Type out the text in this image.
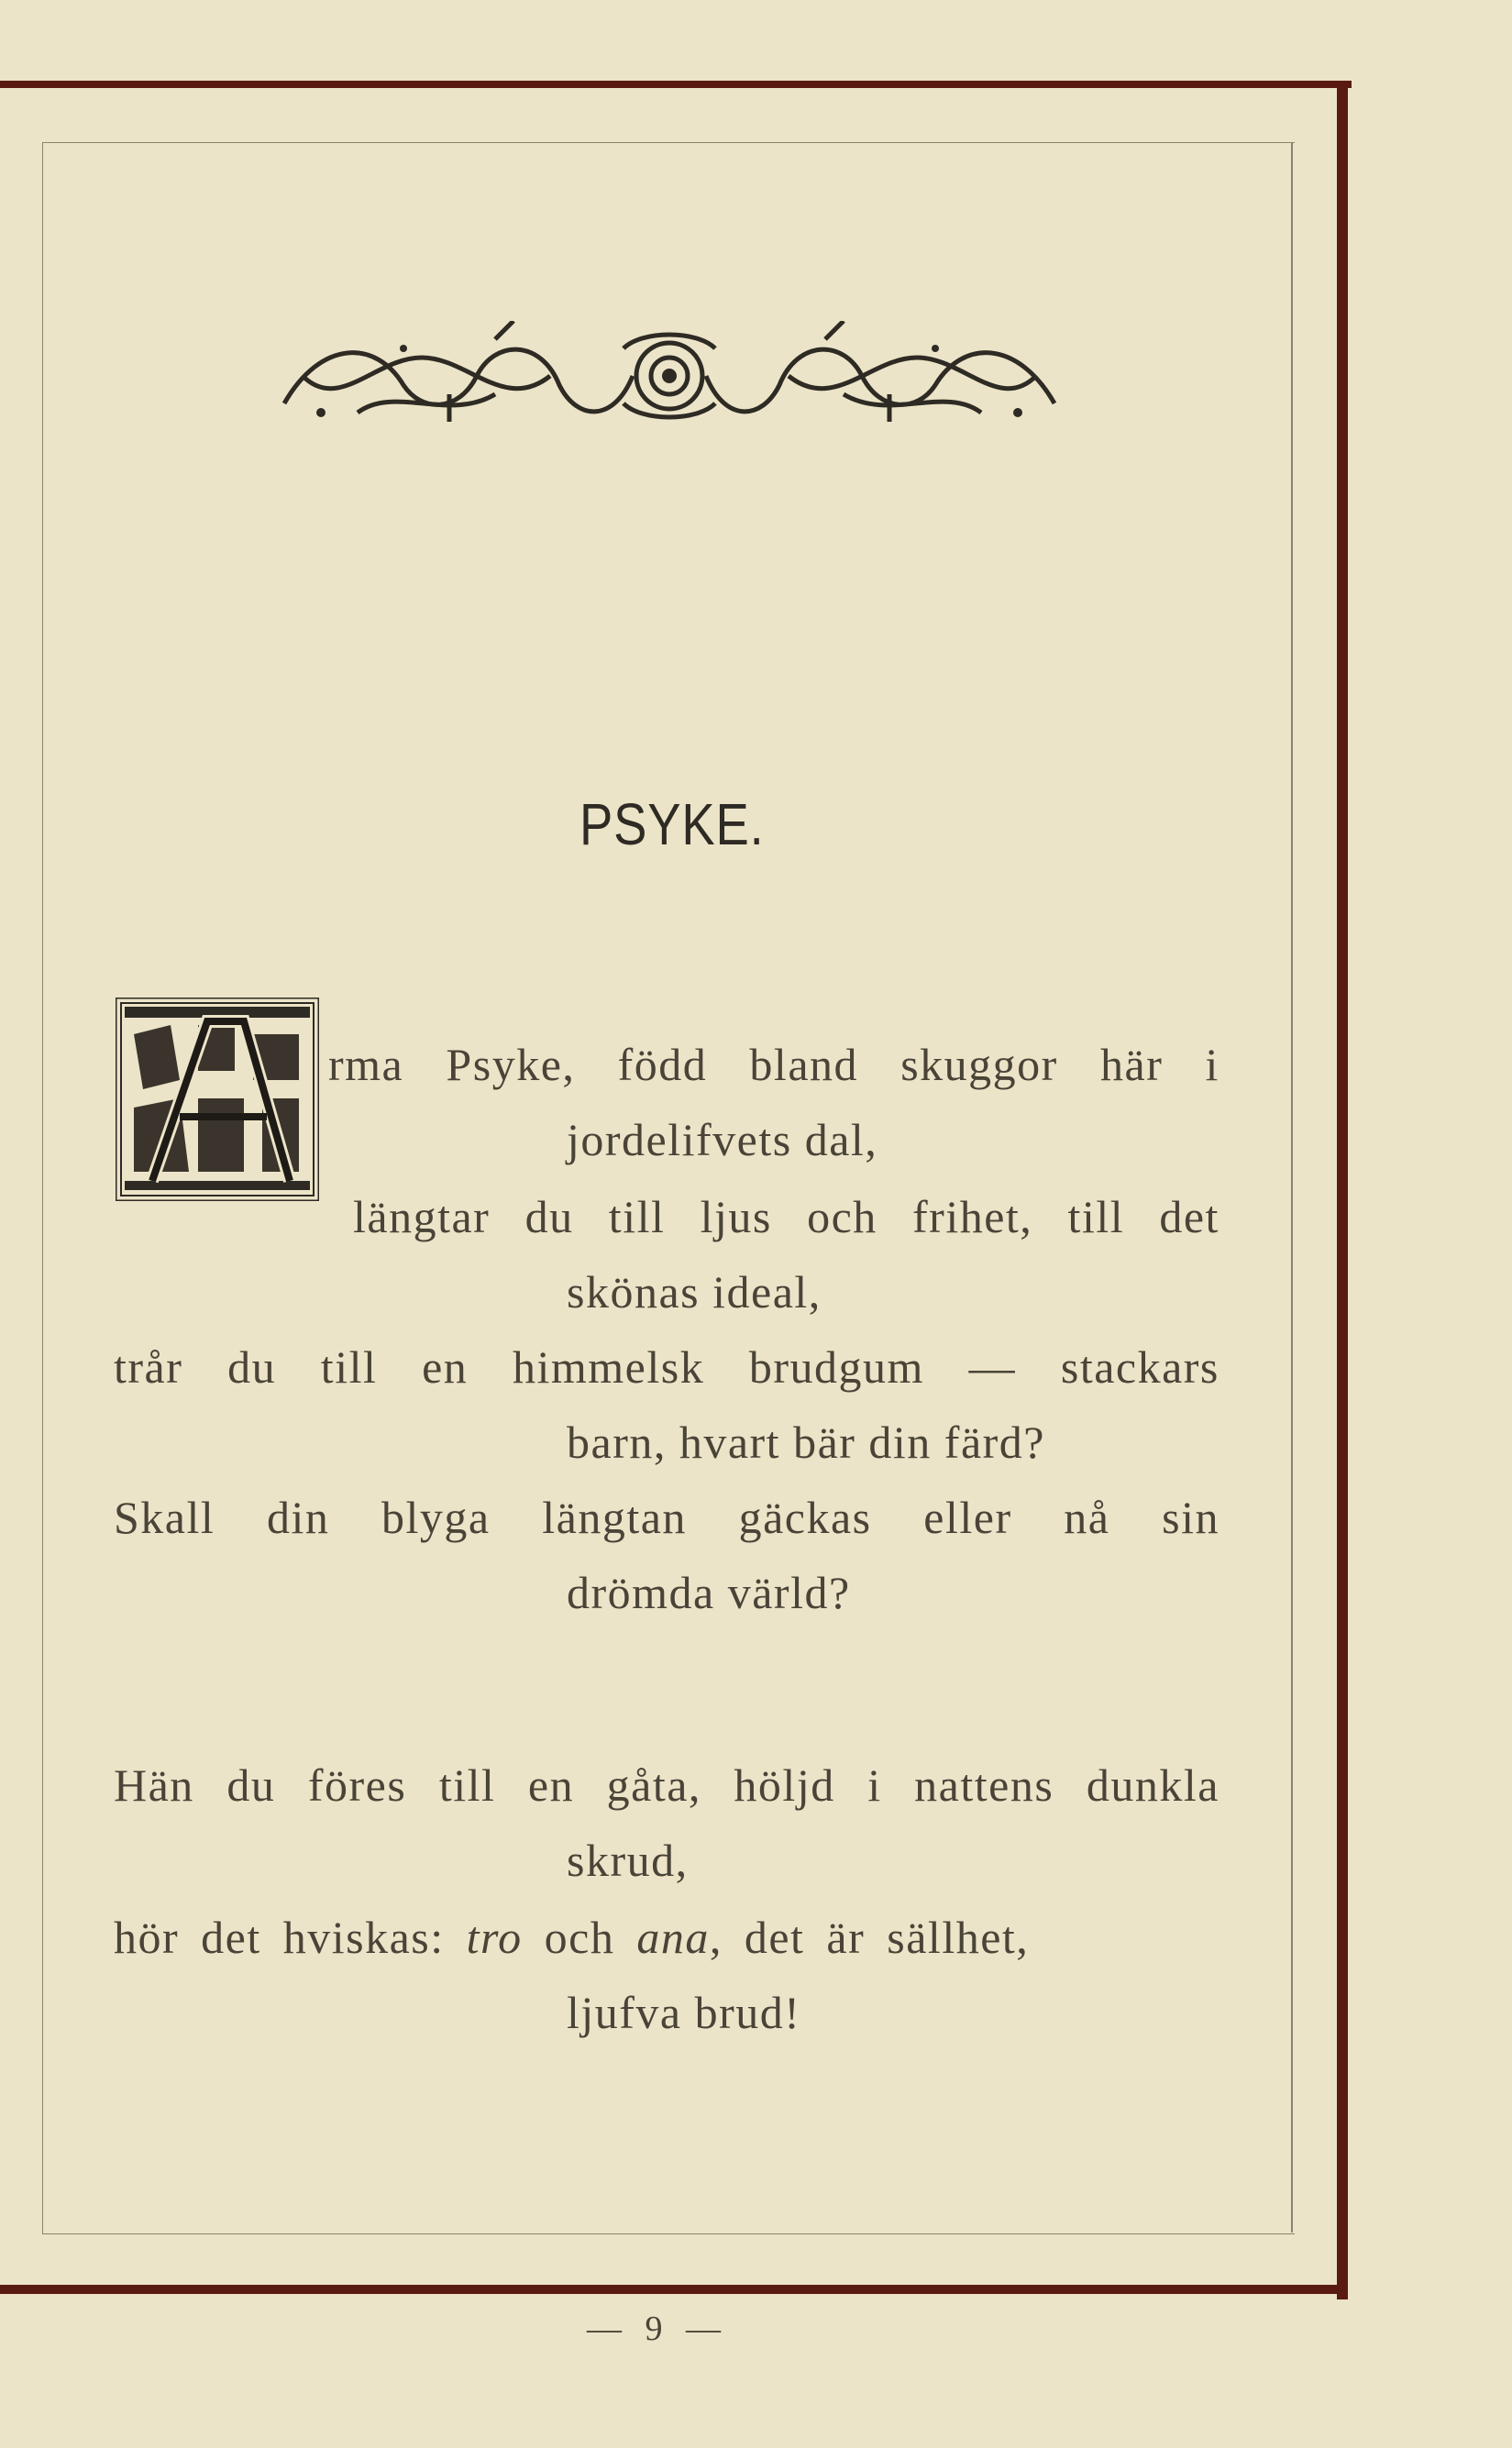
PSYKE.
A
rma Psyke, född bland skuggor här i
jordelifvets dal,
längtar du till ljus och frihet, till det
skönas ideal,
trår du till en himmelsk brudgum — stackars
barn, hvart bär din färd?
Skall din blyga längtan gäckas eller nå sin
drömda värld?
Hän du föres till en gåta, höljd i nattens dunkla
skrud,
hör det hviskas: tro och ana, det är sällhet,
ljufva brud!
— 9 —
